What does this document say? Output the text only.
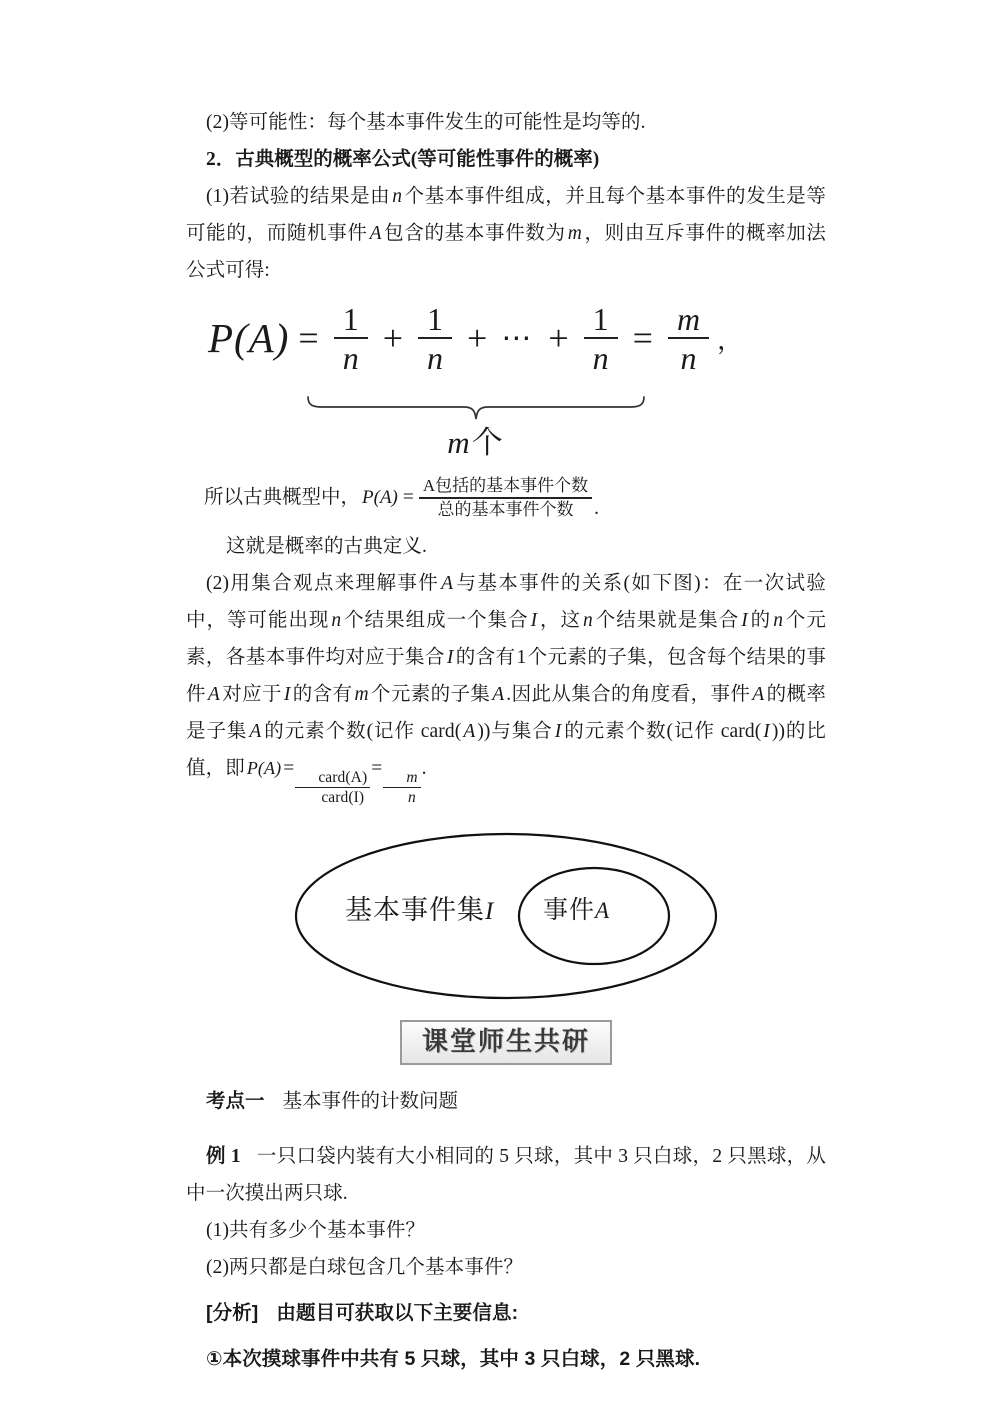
(2)等可能性：每个基本事件发生的可能性是均等的.

2．古典概型的概率公式(等可能性事件的概率)

(1)若试验的结果是由 n 个基本事件组成，并且每个基本事件的发生是等可能的，而随机事件 A 包含的基本事件数为 m ，则由互斥事件的概率加法公式可得:

$P(A) = \frac{1}{n} + \frac{1}{n}$ + ⋯ + $\frac{1}{n} = \frac{m}{n}$ ，
m个
所以古典概型中， $P(A) = \frac{\text{A包括的基本事件个数}}{\text{总的基本事件个数}}$ .

这就是概率的古典定义.

(2)用集合观点来理解事件 A 与基本事件的关系(如下图)：在一次试验中，等可能出现 n 个结果组成一个集合 I ，这 n 个结果就是集合 I 的 n 个元素，各基本事件均对应于集合 I 的含有1个元素的子集，包含每个结果的事件 A 对应于 I 的含有 m 个元素的子集 A .因此从集合的角度看，事件 A 的概率是子集 A 的元素个数(记作 card( A ))与集合 I 的元素个数(记作 card( I ))的比值，即 P(A) =
$\frac{\text{card(A)}}{\text{card(I)}}$
=
$\frac{m}{n}$
.

基本事件集I 事件A
课堂师生共研

考点一 基本事件的计数问题

例 1 一只口袋内装有大小相同的 5 只球，其中 3 只白球，2 只黑球，从中一次摸出两只球.

(1)共有多少个基本事件？

(2)两只都是白球包含几个基本事件？

[分析] 由题目可获取以下主要信息:

①本次摸球事件中共有 5 只球，其中 3 只白球，2 只黑球.
